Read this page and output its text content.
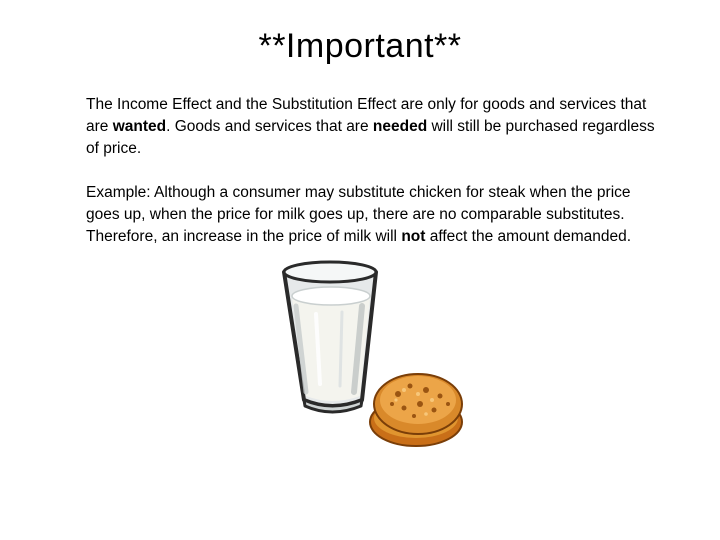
**Important**

The Income Effect and the Substitution Effect are only for goods and services that are wanted. Goods and services that are needed will still be purchased regardless of price.

Example: Although a consumer may substitute chicken for steak when the price goes up, when the price for milk goes up, there are no comparable substitutes. Therefore, an increase in the price of milk will not affect the amount demanded.
